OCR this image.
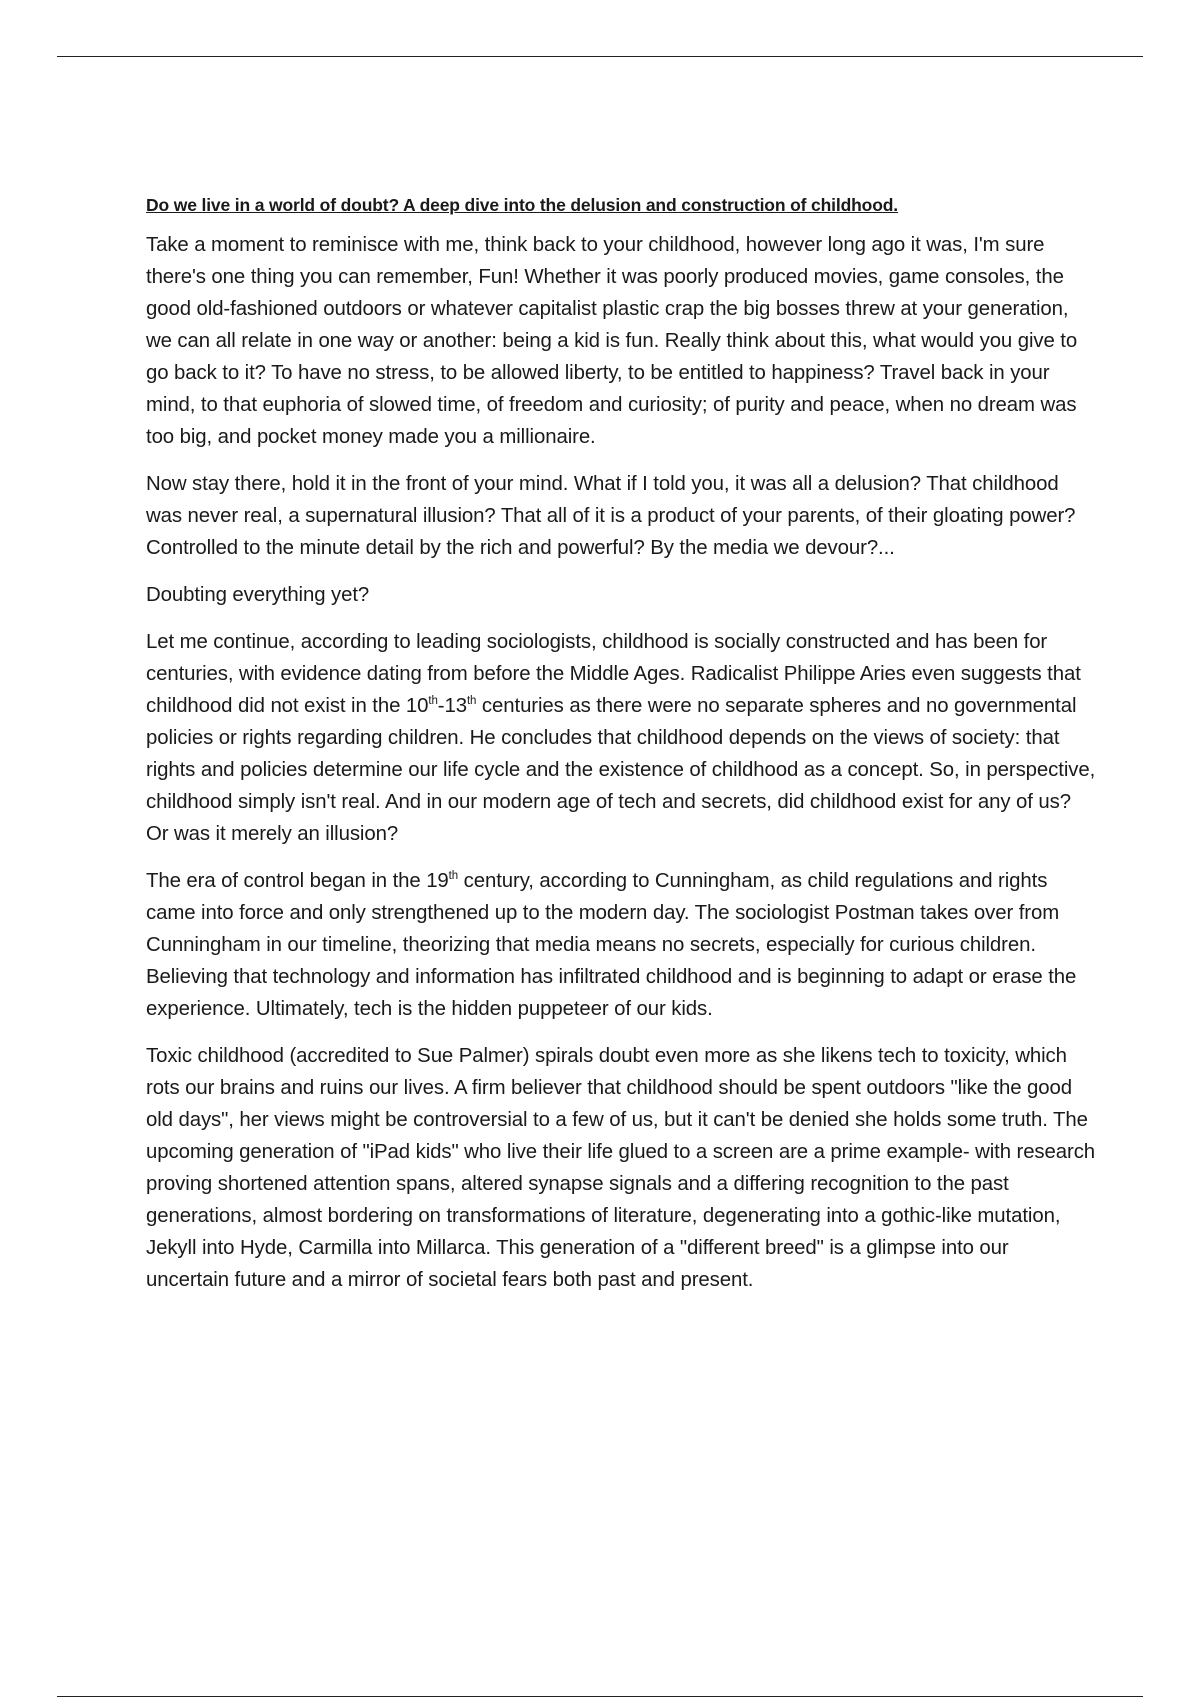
Do we live in a world of doubt? A deep dive into the delusion and construction of childhood.

Take a moment to reminisce with me, think back to your childhood, however long ago it was, I'm sure there's one thing you can remember, Fun! Whether it was poorly produced movies, game consoles, the good old-fashioned outdoors or whatever capitalist plastic crap the big bosses threw at your generation, we can all relate in one way or another: being a kid is fun. Really think about this, what would you give to go back to it? To have no stress, to be allowed liberty, to be entitled to happiness? Travel back in your mind, to that euphoria of slowed time, of freedom and curiosity; of purity and peace, when no dream was too big, and pocket money made you a millionaire.

Now stay there, hold it in the front of your mind. What if I told you, it was all a delusion? That childhood was never real, a supernatural illusion? That all of it is a product of your parents, of their gloating power? Controlled to the minute detail by the rich and powerful? By the media we devour?...

Doubting everything yet?

Let me continue, according to leading sociologists, childhood is socially constructed and has been for centuries, with evidence dating from before the Middle Ages. Radicalist Philippe Aries even suggests that childhood did not exist in the 10th-13th centuries as there were no separate spheres and no governmental policies or rights regarding children. He concludes that childhood depends on the views of society: that rights and policies determine our life cycle and the existence of childhood as a concept. So, in perspective, childhood simply isn't real. And in our modern age of tech and secrets, did childhood exist for any of us? Or was it merely an illusion?

The era of control began in the 19th century, according to Cunningham, as child regulations and rights came into force and only strengthened up to the modern day. The sociologist Postman takes over from Cunningham in our timeline, theorizing that media means no secrets, especially for curious children. Believing that technology and information has infiltrated childhood and is beginning to adapt or erase the experience. Ultimately, tech is the hidden puppeteer of our kids.

Toxic childhood (accredited to Sue Palmer) spirals doubt even more as she likens tech to toxicity, which rots our brains and ruins our lives. A firm believer that childhood should be spent outdoors "like the good old days", her views might be controversial to a few of us, but it can't be denied she holds some truth. The upcoming generation of "iPad kids" who live their life glued to a screen are a prime example- with research proving shortened attention spans, altered synapse signals and a differing recognition to the past generations, almost bordering on transformations of literature, degenerating into a gothic-like mutation, Jekyll into Hyde, Carmilla into Millarca. This generation of a "different breed" is a glimpse into our uncertain future and a mirror of societal fears both past and present.
